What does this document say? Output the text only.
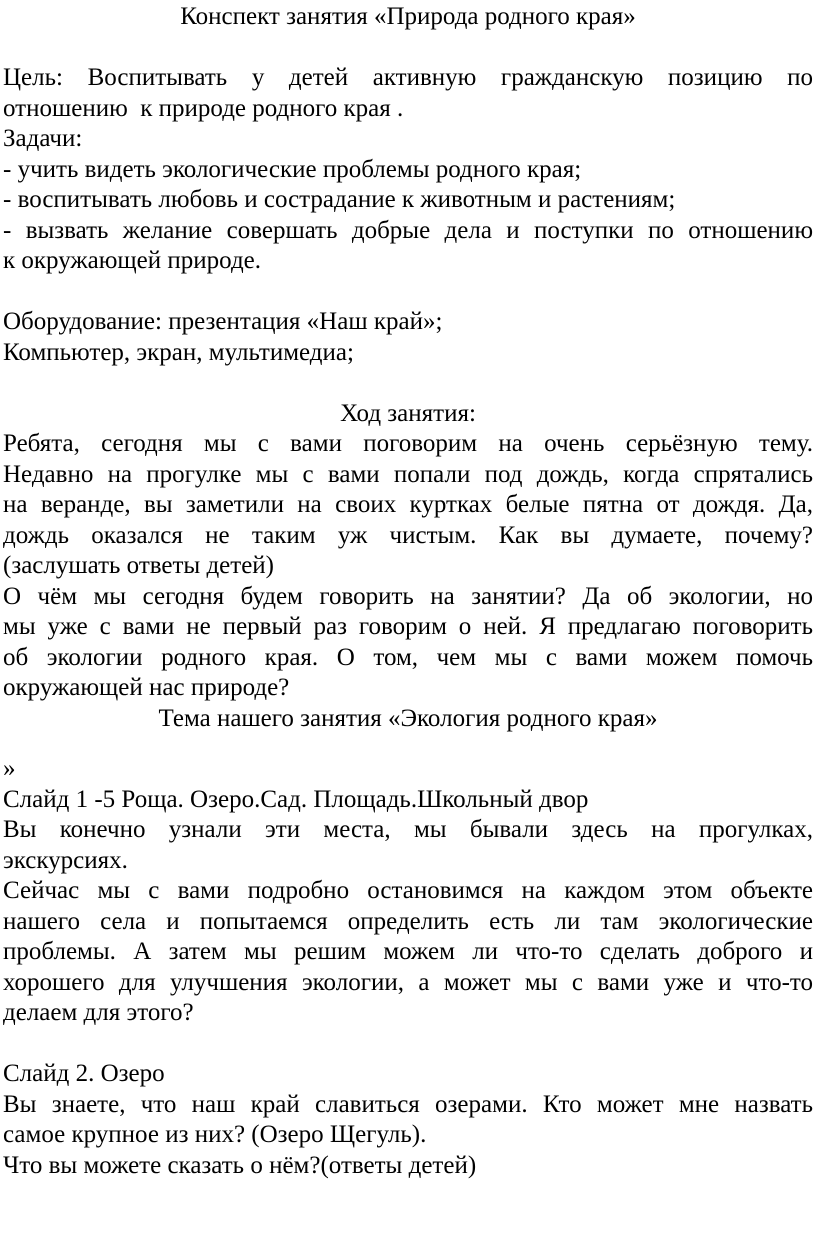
Конспект занятия «Природа родного края»
Цель: Воспитывать у детей активную гражданскую позицию по
отношению  к природе родного края .
Задачи:
- учить видеть экологические проблемы родного края;
- воспитывать любовь и сострадание к животным и растениям;
- вызвать желание совершать добрые дела и поступки по отношению
к окружающей природе.
Оборудование: презентация «Наш край»;
Компьютер, экран, мультимедиа;
Ход занятия:
Ребята, сегодня мы с вами поговорим на очень серьёзную тему.
Недавно на прогулке мы с вами попали под дождь, когда спрятались
на веранде, вы заметили на своих куртках белые пятна от дождя. Да,
дождь оказался не таким уж чистым. Как вы думаете, почему?
(заслушать ответы детей)
О чём мы сегодня будем говорить на занятии? Да об экологии, но
мы уже с вами не первый раз говорим о ней. Я предлагаю поговорить
об экологии родного края. О том, чем мы с вами можем помочь
окружающей нас природе?
Тема нашего занятия «Экология родного края»
»
Слайд 1 -5 Роща. Озеро.Сад. Площадь.Школьный двор
Вы конечно узнали эти места, мы бывали здесь на прогулках,
экскурсиях.
Сейчас мы с вами подробно остановимся на каждом этом объекте
нашего села и попытаемся определить есть ли там экологические
проблемы. А затем мы решим можем ли что-то сделать доброго и
хорошего для улучшения экологии, а может мы с вами уже и что-то
делаем для этого?
Слайд 2. Озеро
Вы знаете, что наш край славиться озерами. Кто может мне назвать
самое крупное из них? (Озеро Щегуль).
Что вы можете сказать о нём?(ответы детей)
